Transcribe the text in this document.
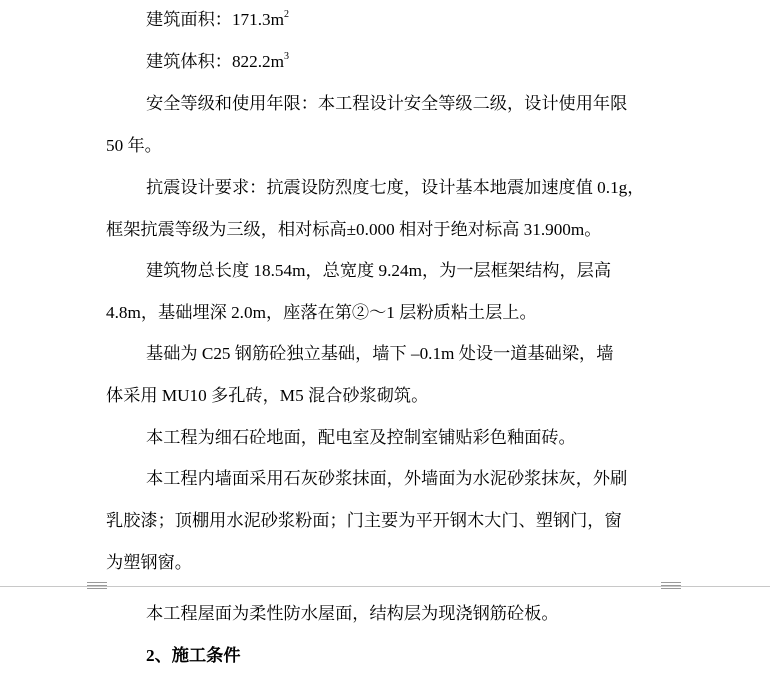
建筑面积：$171.3m^2$
建筑体积：$822.2m^3$
安全等级和使用年限：本工程设计安全等级二级，设计使用年限
50 年。
抗震设计要求：抗震设防烈度七度，设计基本地震加速度值 0.1g，
框架抗震等级为三级，相对标高±0.000 相对于绝对标高 31.900m。
建筑物总长度 18.54m，总宽度 9.24m，为一层框架结构，层高
4.8m，基础埋深 2.0m，座落在第②～1 层粉质粘土层上。
基础为 C25 钢筋砼独立基础，墙下 –0.1m 处设一道基础梁，墙
体采用 MU10 多孔砖，M5 混合砂浆砌筑。
本工程为细石砼地面，配电室及控制室铺贴彩色釉面砖。
本工程内墙面采用石灰砂浆抹面，外墙面为水泥砂浆抹灰，外刷
乳胶漆；顶棚用水泥砂浆粉面；门主要为平开钢木大门、塑钢门，窗
为塑钢窗。
本工程屋面为柔性防水屋面，结构层为现浇钢筋砼板。
2、施工条件
